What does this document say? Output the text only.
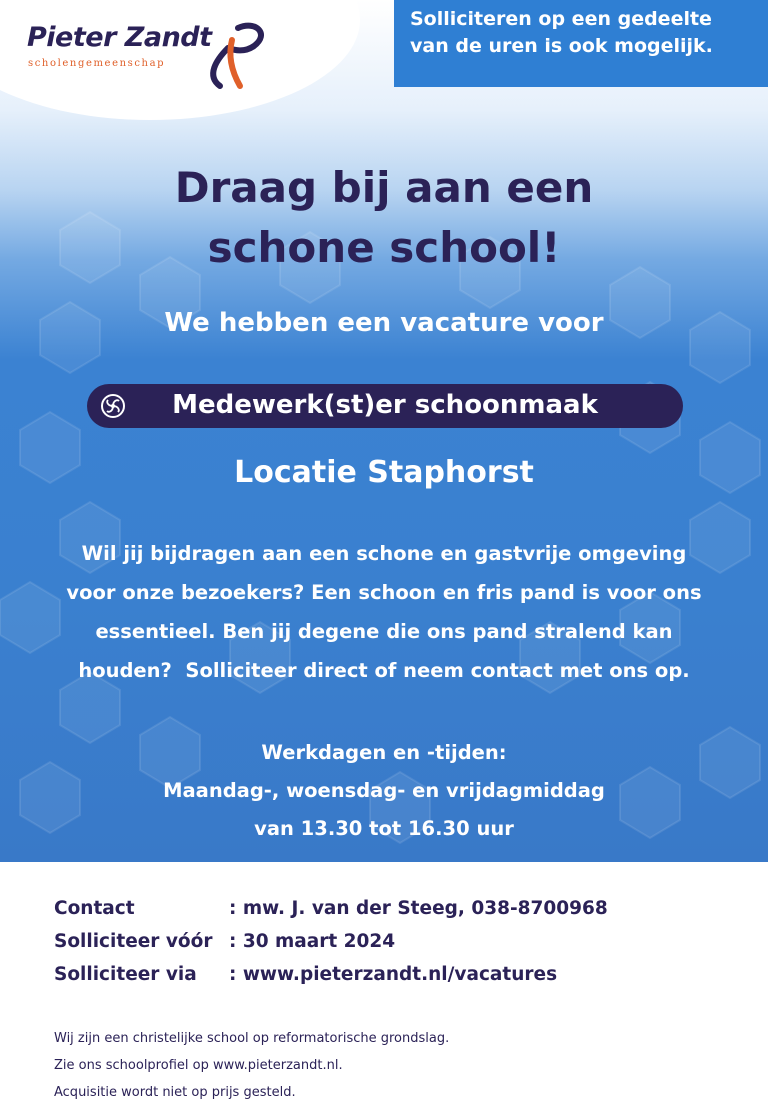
Pieter Zandt
scholengemeenschap
Solliciteren op een gedeelte
van de uren is ook mogelijk.
Draag bij aan een
schone school!
We hebben een vacature voor
Medewerk(st)er schoonmaak
Locatie Staphorst
Wil jij bijdragen aan een schone en gastvrije omgeving
voor onze bezoekers? Een schoon en fris pand is voor ons
essentieel. Ben jij degene die ons pand stralend kan
houden?  Solliciteer direct of neem contact met ons op.
Werkdagen en -tijden:
Maandag-, woensdag- en vrijdagmiddag
van 13.30 tot 16.30 uur
Contact	: mw. J. van der Steeg, 038-8700968
Solliciteer vóór : 30 maart 2024
Solliciteer via : www.pieterzandt.nl/vacatures
Wij zijn een christelijke school op reformatorische grondslag.
Zie ons schoolprofiel op www.pieterzandt.nl.
Acquisitie wordt niet op prijs gesteld.
